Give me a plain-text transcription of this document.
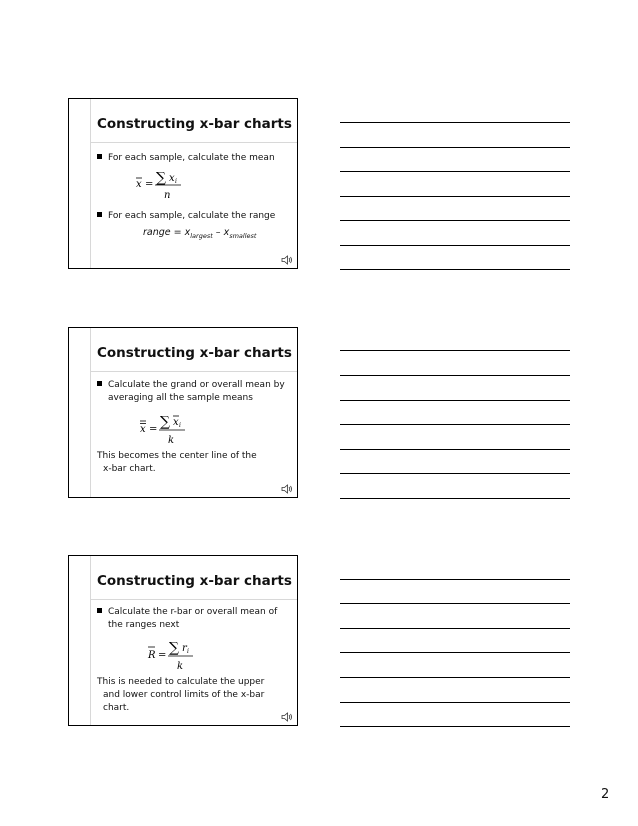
Constructing x-bar charts
For each sample, calculate the mean
x = ∑ x i
n
For each sample, calculate the range
range = $x_{largest} - x_{smallest}$
Constructing x-bar charts
Calculate the grand or overall mean by
averaging all the sample means
x = ∑ x i
k
This becomes the center line of the
x-bar chart.
Constructing x-bar charts
Calculate the r-bar or overall mean of
the ranges next
R = ∑ r i
k
This is needed to calculate the upper
and lower control limits of the x-bar
chart.
2
